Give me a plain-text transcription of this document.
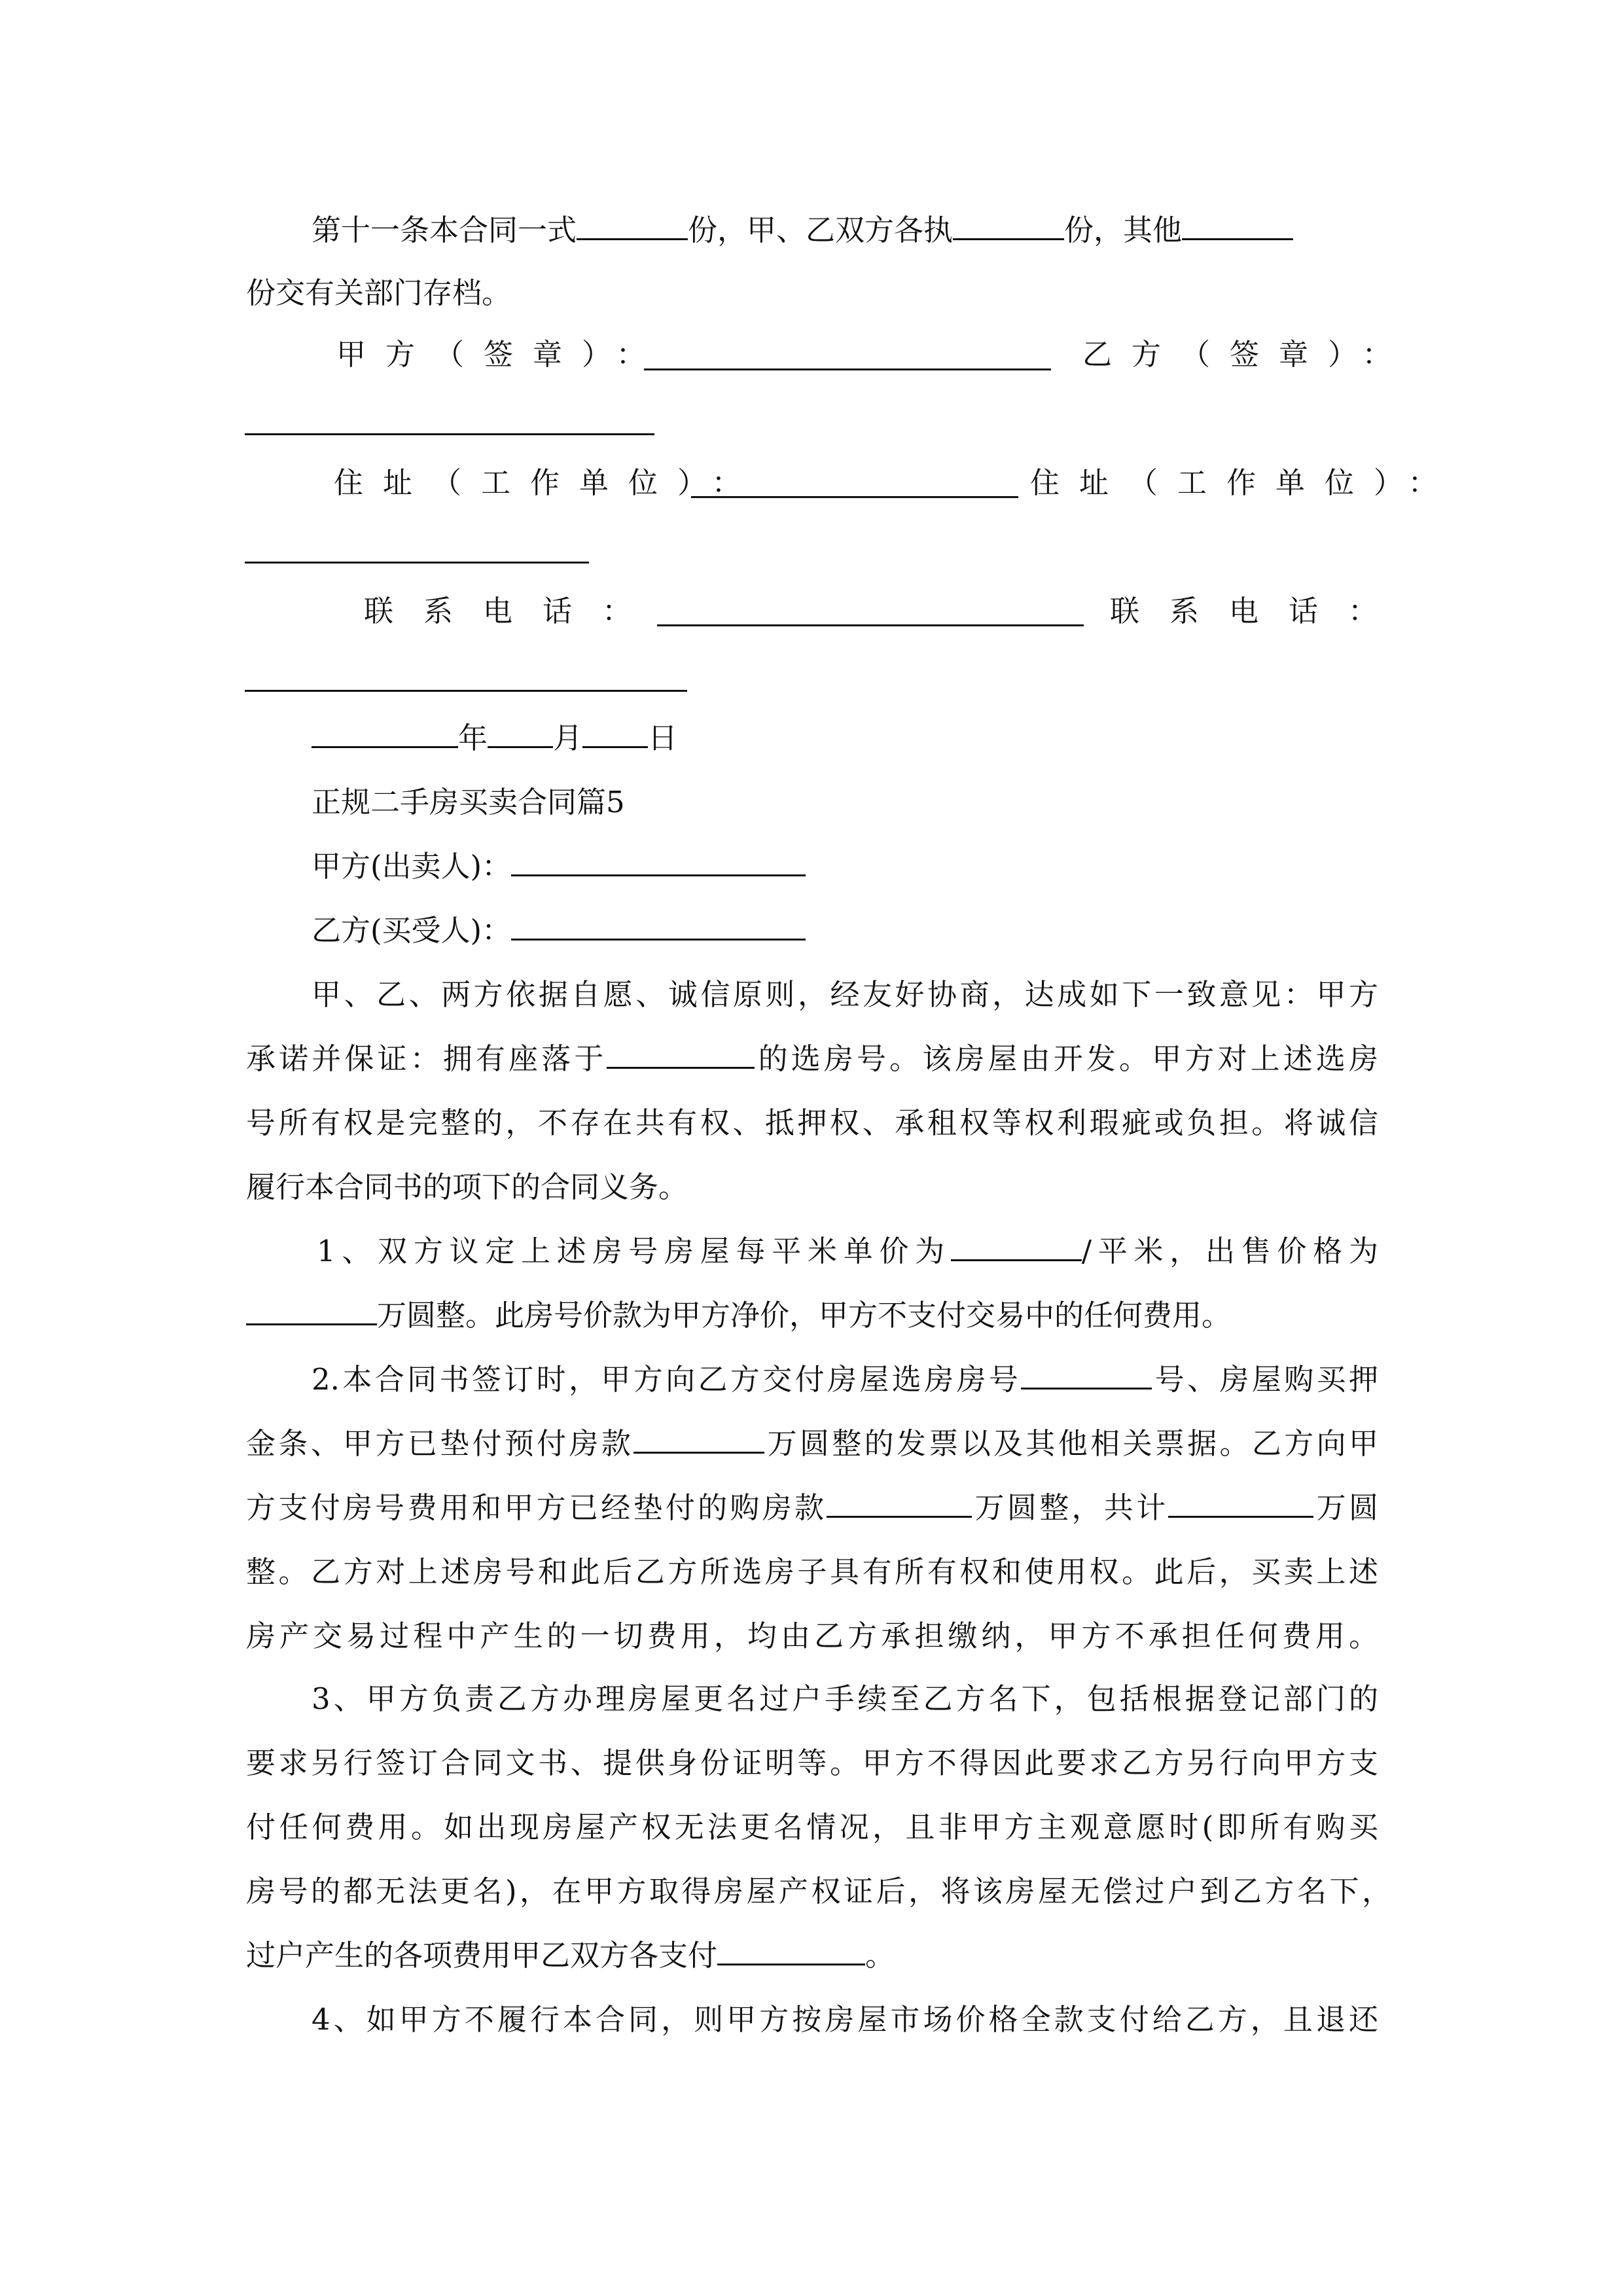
第十一条本合同一式	份，甲、乙双方各执	份，其他

份交有关部门存档。

甲方（签章）：	乙方（签章）：

住址（工作单位）：	住址（工作单位）：

联系电话：	联系电话：

年 月 日

正规二手房买卖合同篇5

甲方(出卖人)：

乙方(买受人)：

甲、乙、两方依据自愿、诚信原则，经友好协商，达成如下一致意见：甲方

承诺并保证：拥有座落于	的选房号。该房屋由开发。甲方对上述选房

号所有权是完整的，不存在共有权、抵押权、承租权等权利瑕疵或负担。将诚信

履行本合同书的项下的合同义务。

1、双方议定上述房号房屋每平米单价为	/平米，出售价格为

万圆整。此房号价款为甲方净价，甲方不支付交易中的任何费用。

2.本合同书签订时，甲方向乙方交付房屋选房房号	号、房屋购买押

金条、甲方已垫付预付房款	万圆整的发票以及其他相关票据。乙方向甲

方支付房号费用和甲方已经垫付的购房款	万圆整，共计	万圆

整。乙方对上述房号和此后乙方所选房子具有所有权和使用权。此后，买卖上述

房产交易过程中产生的一切费用，均由乙方承担缴纳，甲方不承担任何费用。

3、甲方负责乙方办理房屋更名过户手续至乙方名下，包括根据登记部门的

要求另行签订合同文书、提供身份证明等。甲方不得因此要求乙方另行向甲方支

付任何费用。如出现房屋产权无法更名情况，且非甲方主观意愿时(即所有购买

房号的都无法更名)，在甲方取得房屋产权证后，将该房屋无偿过户到乙方名下，

过户产生的各项费用甲乙双方各支付	。

4、如甲方不履行本合同，则甲方按房屋市场价格全款支付给乙方，且退还
